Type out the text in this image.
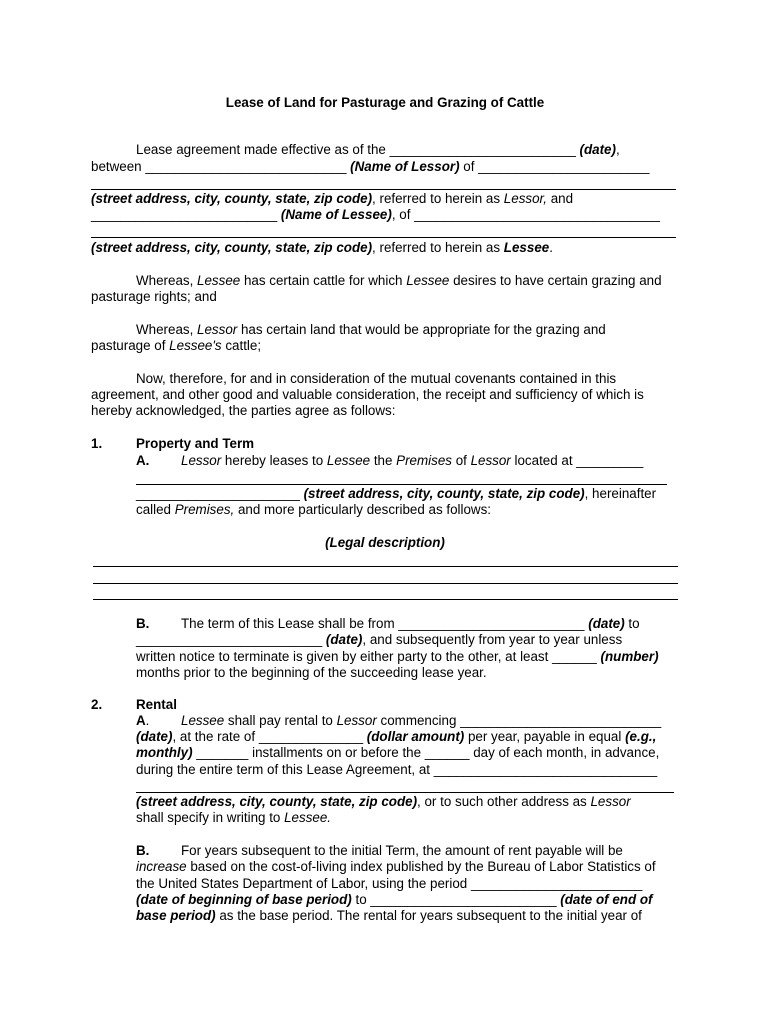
Lease of Land for Pasturage and Grazing of Cattle
Lease agreement made effective as of the _________________________ (date),
between ___________________________ (Name of Lessor) of _______________________
(street address, city, county, state, zip code), referred to herein as Lessor, and
_________________________ (Name of Lessee), of _________________________________
(street address, city, county, state, zip code), referred to herein as Lessee.
Whereas, Lessee has certain cattle for which Lessee desires to have certain grazing and
pasturage rights; and
Whereas, Lessor has certain land that would be appropriate for the grazing and
pasturage of Lessee's cattle;
Now, therefore, for and in consideration of the mutual covenants contained in this
agreement, and other good and valuable consideration, the receipt and sufficiency of which is
hereby acknowledged, the parties agree as follows:
1.	Property and Term
A. Lessor hereby leases to Lessee the Premises of Lessor located at _________
______________________ (street address, city, county, state, zip code), hereinafter
called Premises, and more particularly described as follows:
(Legal description)
B. The term of this Lease shall be from _________________________ (date) to
_________________________ (date), and subsequently from year to year unless
written notice to terminate is given by either party to the other, at least ______ (number)
months prior to the beginning of the succeeding lease year.
2.	Rental
A. Lessee shall pay rental to Lessor commencing ___________________________
(date), at the rate of ______________ (dollar amount) per year, payable in equal (e.g.,
monthly) _______ installments on or before the ______ day of each month, in advance,
during the entire term of this Lease Agreement, at ______________________________
(street address, city, county, state, zip code), or to such other address as Lessor
shall specify in writing to Lessee.
B. For years subsequent to the initial Term, the amount of rent payable will be
increase based on the cost-of-living index published by the Bureau of Labor Statistics of
the United States Department of Labor, using the period _______________________
(date of beginning of base period) to _________________________ (date of end of
base period) as the base period. The rental for years subsequent to the initial year of
